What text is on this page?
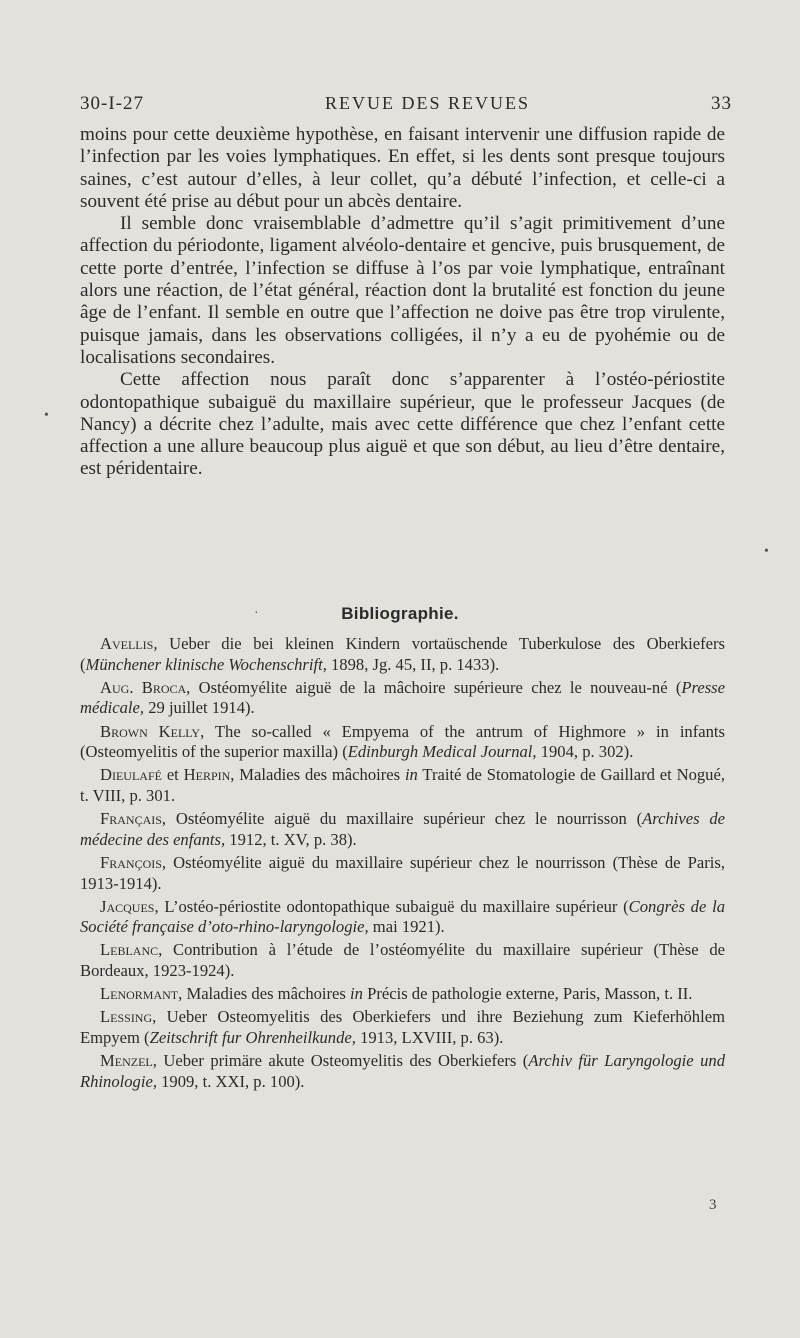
30-I-27	REVUE DES REVUES	33

moins pour cette deuxième hypothèse, en faisant intervenir une diffusion rapide de l’infection par les voies lymphatiques. En effet, si les dents sont presque toujours saines, c’est autour d’elles, à leur collet, qu’a débuté l’infection, et celle-ci a souvent été prise au début pour un abcès dentaire.

Il semble donc vraisemblable d’admettre qu’il s’agit primitivement d’une affection du périodonte, ligament alvéolo-dentaire et gencive, puis brusquement, de cette porte d’entrée, l’infection se diffuse à l’os par voie lymphatique, entraînant alors une réaction, de l’état général, réaction dont la brutalité est fonction du jeune âge de l’enfant. Il semble en outre que l’affection ne doive pas être trop virulente, puisque jamais, dans les observations colligées, il n’y a eu de pyohémie ou de localisations secondaires.

Cette affection nous paraît donc s’apparenter à l’ostéo-périostite odontopathique subaiguë du maxillaire supérieur, que le professeur Jacques (de Nancy) a décrite chez l’adulte, mais avec cette différence que chez l’enfant cette affection a une allure beaucoup plus aiguë et que son début, au lieu d’être dentaire, est péridentaire.

Bibliographie.

Avellis, Ueber die bei kleinen Kindern vortaüschende Tuberkulose des Oberkiefers (Münchener klinische Wochenschrift, 1898, Jg. 45, II, p. 1433).

Aug. Broca, Ostéomyélite aiguë de la mâchoire supérieure chez le nouveau-né (Presse médicale, 29 juillet 1914).

Brown Kelly, The so-called « Empyema of the antrum of Highmore » in infants (Osteomyelitis of the superior maxilla) (Edinburgh Medical Journal, 1904, p. 302).

Dieulafé et Herpin, Maladies des mâchoires in Traité de Stomatologie de Gaillard et Nogué, t. VIII, p. 301.

Français, Ostéomyélite aiguë du maxillaire supérieur chez le nourrisson (Archives de médecine des enfants, 1912, t. XV, p. 38).

François, Ostéomyélite aiguë du maxillaire supérieur chez le nourrisson (Thèse de Paris, 1913-1914).

Jacques, L’ostéo-périostite odontopathique subaiguë du maxillaire supérieur (Congrès de la Société française d’oto-rhino-laryngologie, mai 1921).

Leblanc, Contribution à l’étude de l’ostéomyélite du maxillaire supérieur (Thèse de Bordeaux, 1923-1924).

Lenormant, Maladies des mâchoires in Précis de pathologie externe, Paris, Masson, t. II.

Lessing, Ueber Osteomyelitis des Oberkiefers und ihre Beziehung zum Kieferhöhlem Empyem (Zeitschrift fur Ohrenheilkunde, 1913, LXVIII, p. 63).

Menzel, Ueber primäre akute Osteomyelitis des Oberkiefers (Archiv für Laryngologie und Rhinologie, 1909, t. XXI, p. 100).

3
•
•
·
